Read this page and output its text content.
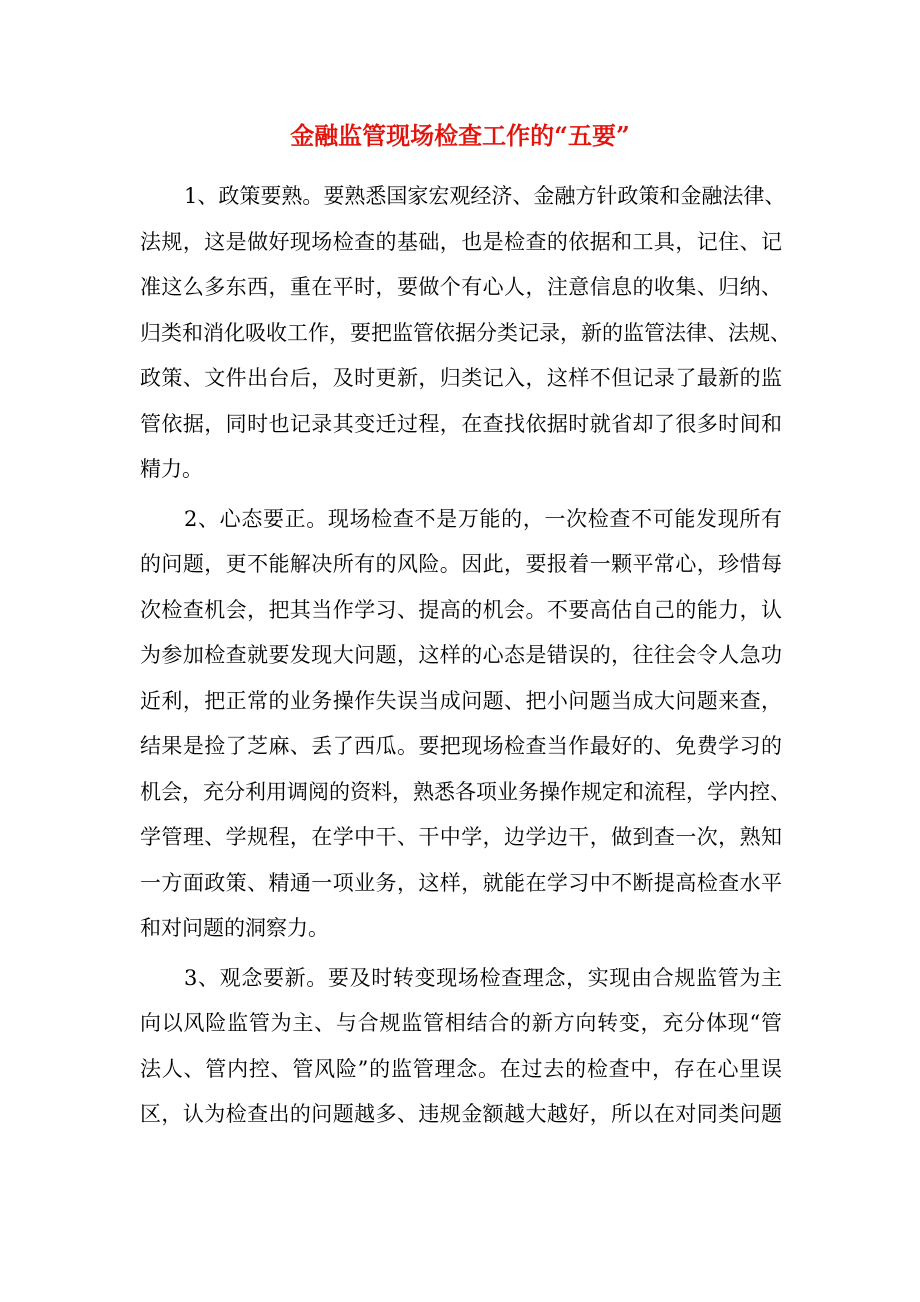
金融监管现场检查工作的“五要”
1、政策要熟。要熟悉国家宏观经济、金融方针政策和金融法律、
法规，这是做好现场检查的基础，也是检查的依据和工具，记住、记
准这么多东西，重在平时，要做个有心人，注意信息的收集、归纳、
归类和消化吸收工作，要把监管依据分类记录，新的监管法律、法规、
政策、文件出台后，及时更新，归类记入，这样不但记录了最新的监
管依据，同时也记录其变迁过程，在查找依据时就省却了很多时间和
精力。
2、心态要正。现场检查不是万能的，一次检查不可能发现所有
的问题，更不能解决所有的风险。因此，要报着一颗平常心，珍惜每
次检查机会，把其当作学习、提高的机会。不要高估自己的能力，认
为参加检查就要发现大问题，这样的心态是错误的，往往会令人急功
近利，把正常的业务操作失误当成问题、把小问题当成大问题来查，
结果是捡了芝麻、丢了西瓜。要把现场检查当作最好的、免费学习的
机会，充分利用调阅的资料，熟悉各项业务操作规定和流程，学内控、
学管理、学规程，在学中干、干中学，边学边干，做到查一次，熟知
一方面政策、精通一项业务，这样，就能在学习中不断提高检查水平
和对问题的洞察力。
3、观念要新。要及时转变现场检查理念，实现由合规监管为主
向以风险监管为主、与合规监管相结合的新方向转变，充分体现“管
法人、管内控、管风险”的监管理念。在过去的检查中，存在心里误
区，认为检查出的问题越多、违规金额越大越好，所以在对同类问题
